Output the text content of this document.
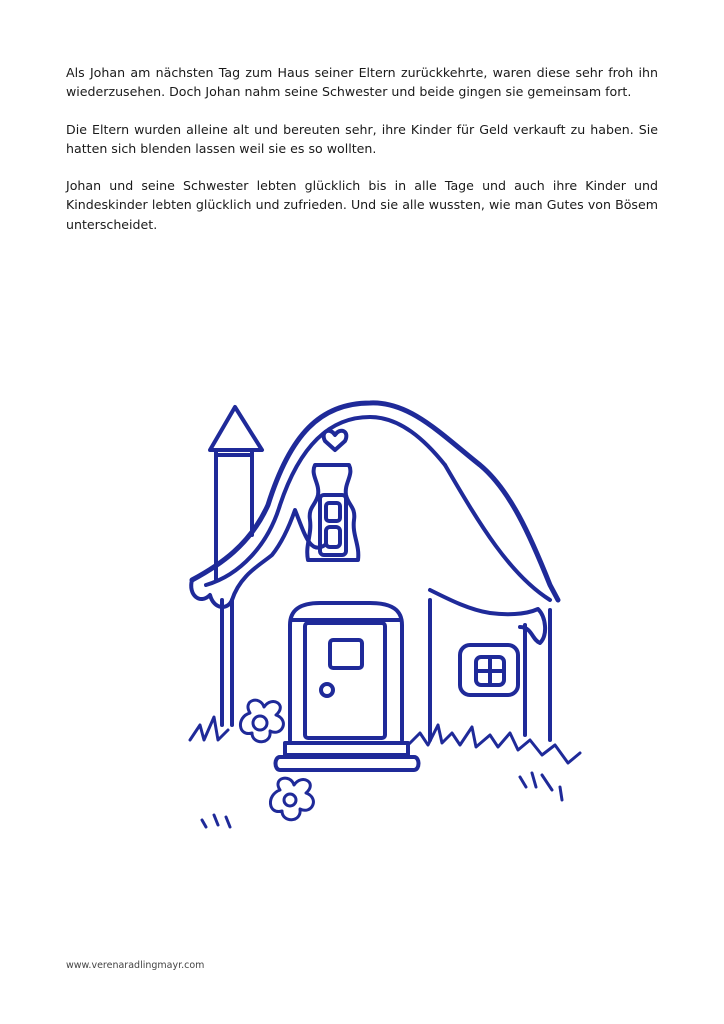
Als Johan am nächsten Tag zum Haus seiner Eltern zurückkehrte, waren diese sehr froh ihn wiederzusehen. Doch Johan nahm seine Schwester und beide gingen sie gemeinsam fort.

Die Eltern wurden alleine alt und bereuten sehr, ihre Kinder für Geld verkauft zu haben. Sie hatten sich blenden lassen weil sie es so wollten.

Johan und seine Schwester lebten glücklich bis in alle Tage und auch ihre Kinder und Kindeskinder lebten glücklich und zufrieden. Und sie alle wussten, wie man Gutes von Bösem unterscheidet.

www.verenaradlingmayr.com
